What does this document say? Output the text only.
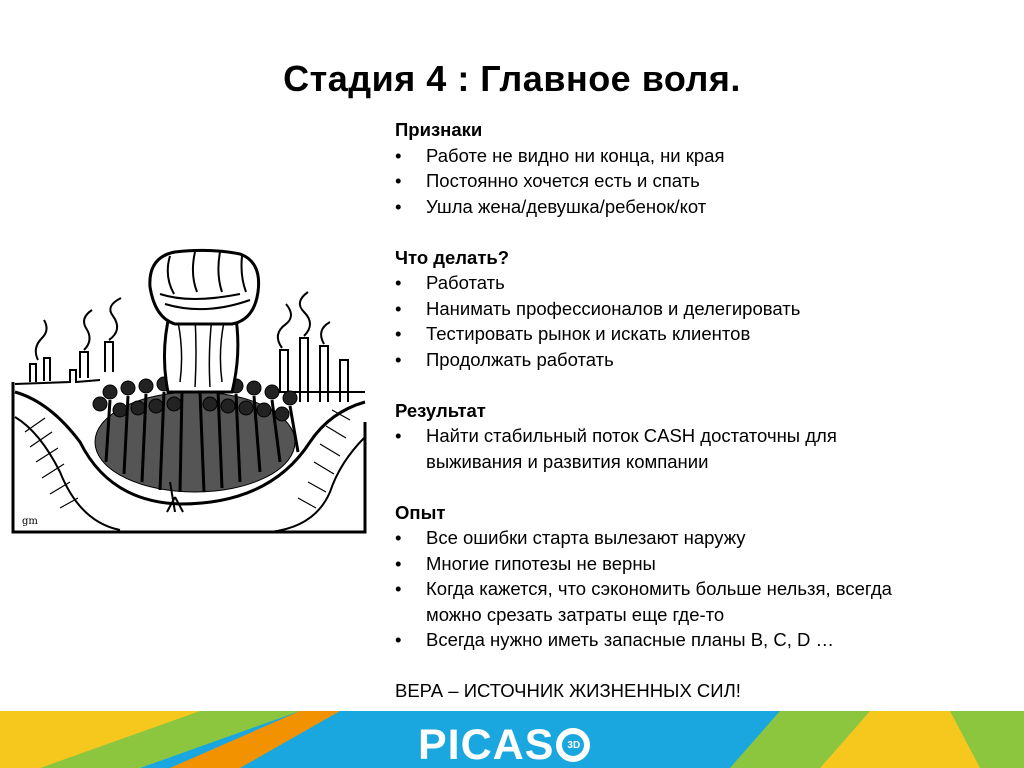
Стадия 4 : Главное воля.
gm
Признаки
• Работе не видно ни конца, ни края
• Постоянно хочется есть и спать
• Ушла жена/девушка/ребенок/кот
Что делать?
• Работать
• Нанимать профессионалов и делегировать
• Тестировать рынок и искать клиентов
• Продолжать работать
Результат
• Найти стабильный поток CASH достаточны для выживания и развития компании
Опыт
• Все ошибки старта вылезают наружу
• Многие гипотезы не верны
• Когда кажется, что сэкономить больше нельзя, всегда можно срезать затраты еще где-то
• Всегда нужно иметь запасные планы B, C, D …
ВЕРА – ИСТОЧНИК ЖИЗНЕННЫХ СИЛ!
PICAS 3D
